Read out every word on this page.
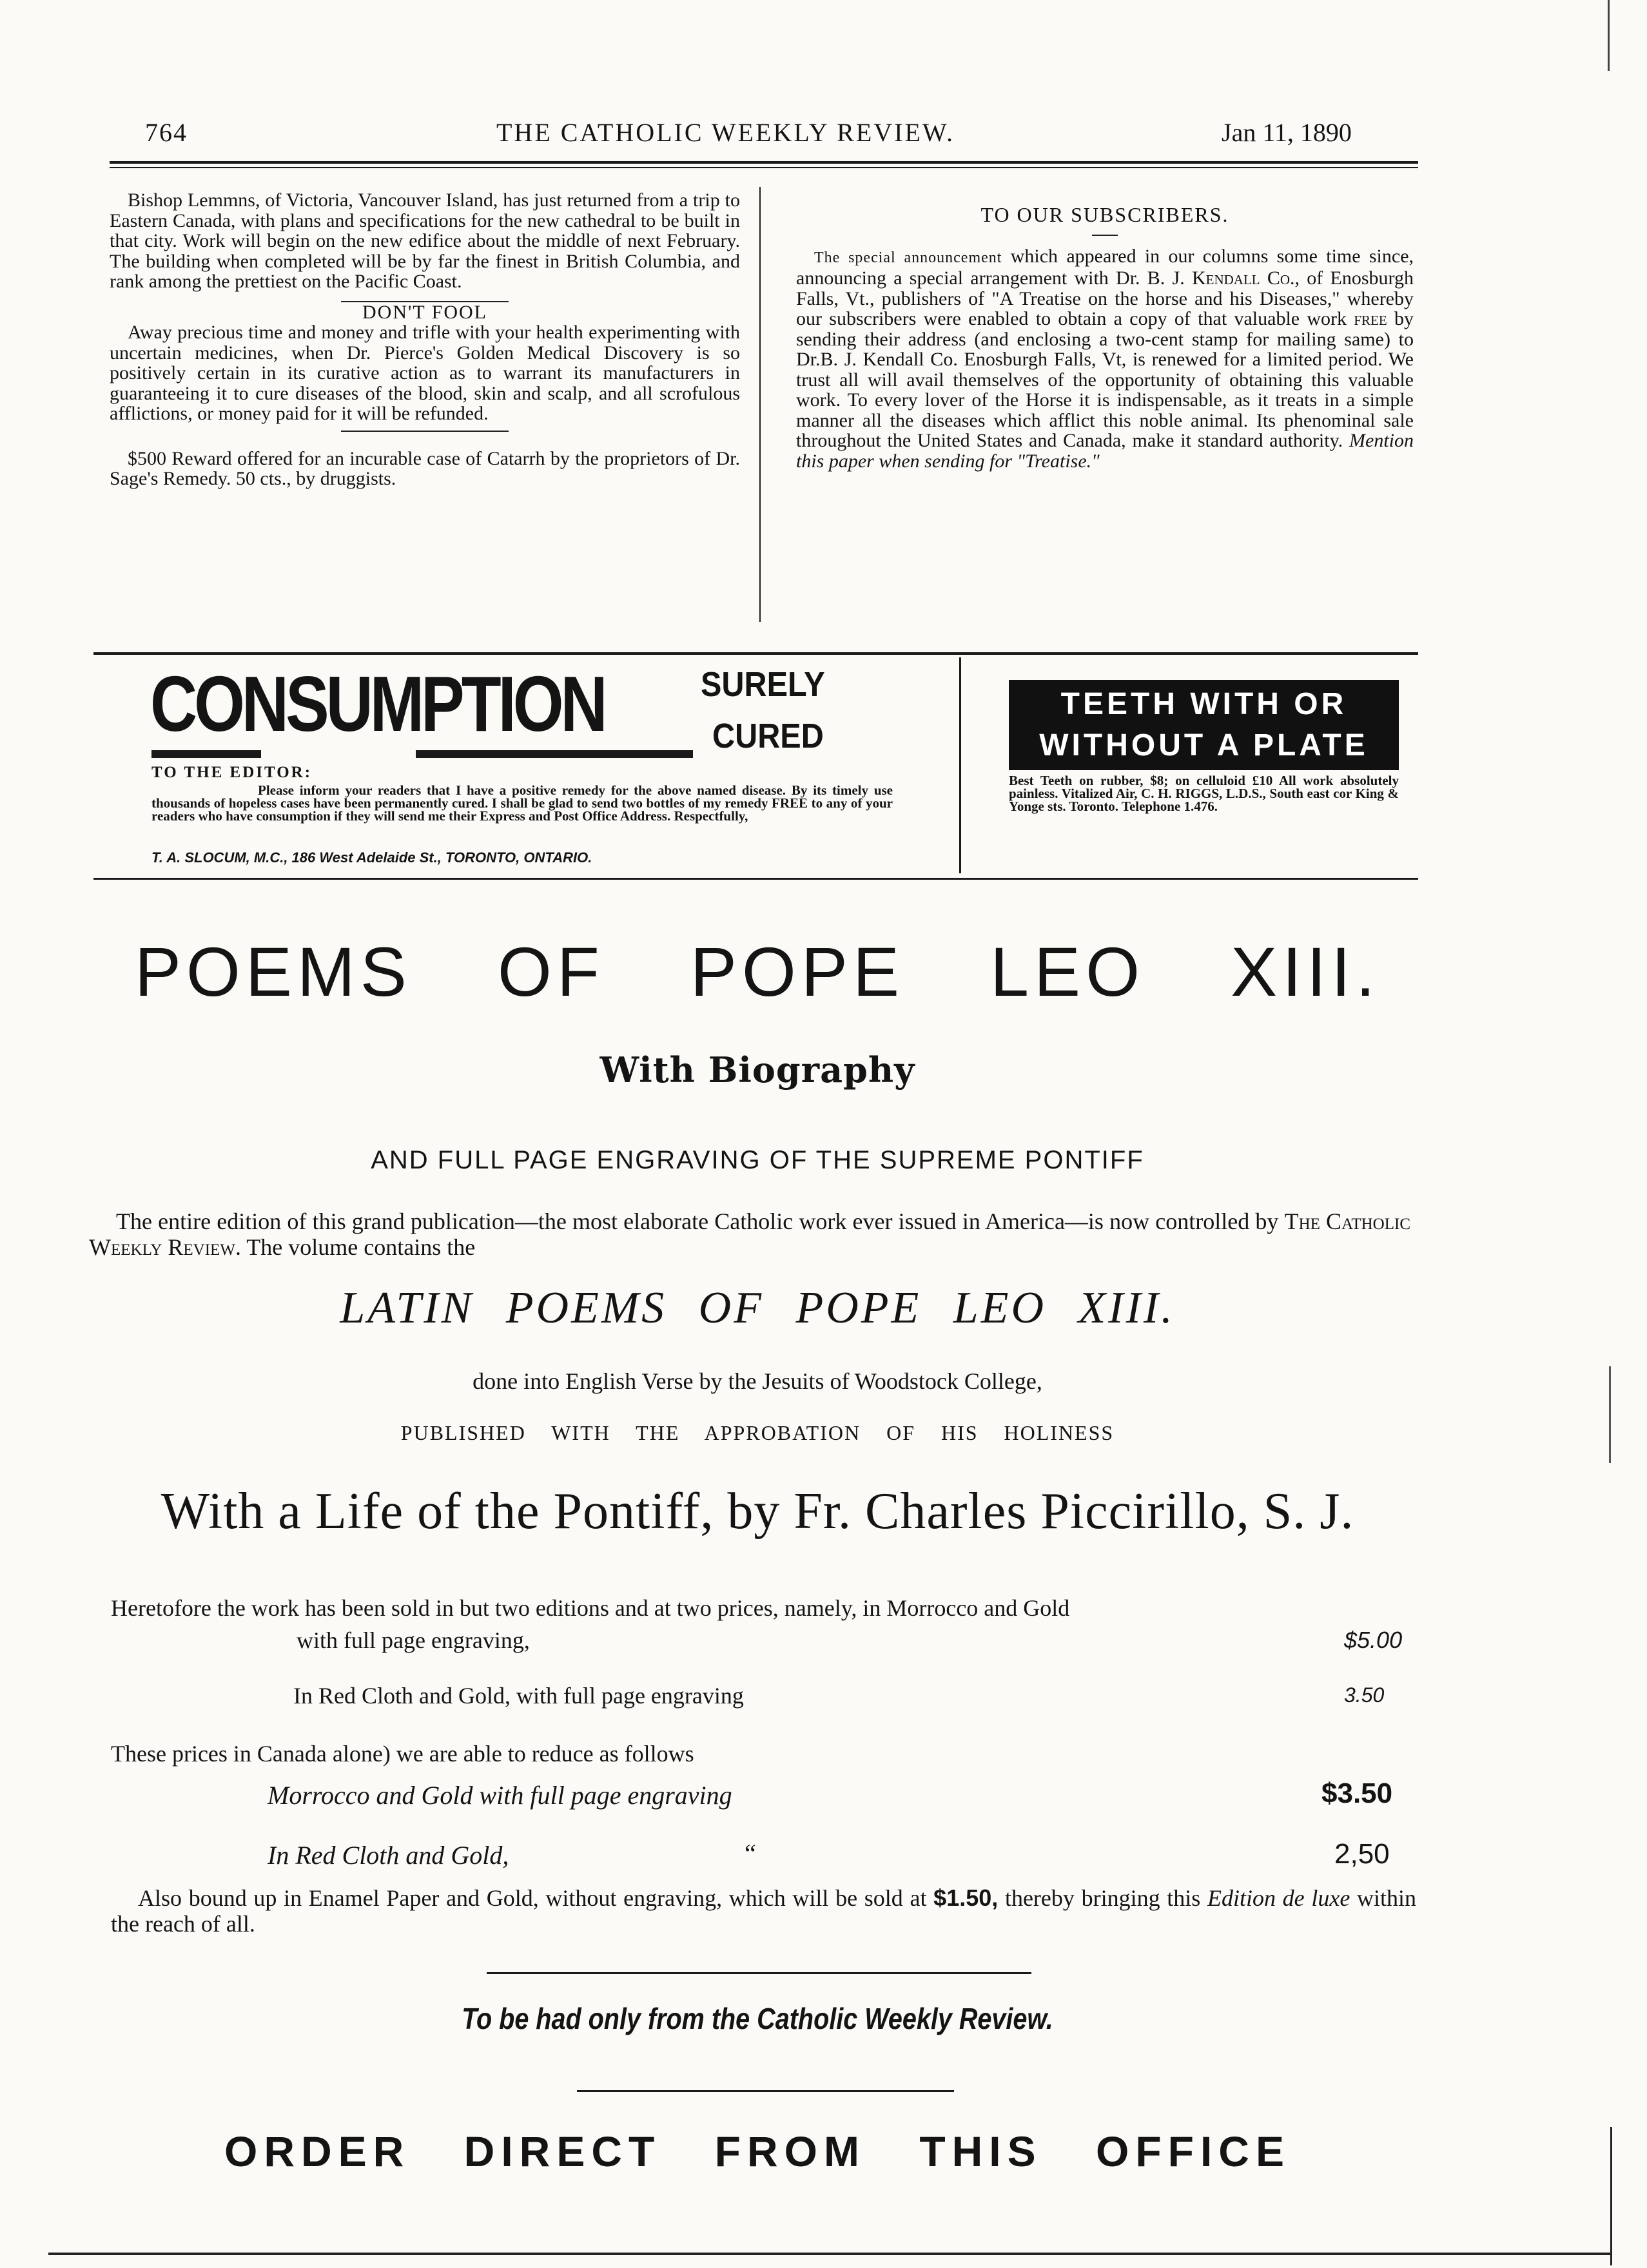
764	THE CATHOLIC WEEKLY REVIEW.	Jan 11, 1890

Bishop Lemmns, of Victoria, Vancouver Island, has just returned from a trip to Eastern Canada, with plans and specifications for the new cathedral to be built in that city. Work will begin on the new edifice about the middle of next February. The building when completed will be by far the finest in British Columbia, and rank among the prettiest on the Pacific Coast.

DON'T FOOL

Away precious time and money and trifle with your health experimenting with uncertain medicines, when Dr. Pierce's Golden Medical Discovery is so positively certain in its curative action as to warrant its manufacturers in guaranteeing it to cure diseases of the blood, skin and scalp, and all scrofulous afflictions, or money paid for it will be refunded.

$500 Reward offered for an incurable case of Catarrh by the proprietors of Dr. Sage's Remedy. 50 cts., by druggists.

TO OUR SUBSCRIBERS.

The special announcement which appeared in our columns some time since, announcing a special arrangement with Dr. B. J. Kendall Co., of Enosburgh Falls, Vt., publishers of "A Treatise on the horse and his Diseases," whereby our subscribers were enabled to obtain a copy of that valuable work free by sending their address (and enclosing a two-cent stamp for mailing same) to Dr.B. J. Kendall Co. Enosburgh Falls, Vt, is renewed for a limited period. We trust all will avail themselves of the opportunity of obtaining this valuable work. To every lover of the Horse it is indispensable, as it treats in a simple manner all the diseases which afflict this noble animal. Its phenominal sale throughout the United States and Canada, make it standard authority. Mention this paper when sending for "Treatise."

CONSUMPTION	SURELY
CURED
TO THE EDITOR:
Please inform your readers that I have a positive remedy for the above named disease. By its timely use thousands of hopeless cases have been permanently cured. I shall be glad to send two bottles of my remedy FREE to any of your readers who have consumption if they will send me their Express and Post Office Address. Respectfully,
T. A. SLOCUM, M.C., 186 West Adelaide St., TORONTO, ONTARIO.
TEETH WITH OR
WITHOUT A PLATE
Best Teeth on rubber, $8; on celluloid £10 All work absolutely painless. Vitalized Air, C. H. RIGGS, L.D.S., South east cor King & Yonge sts. Toronto. Telephone 1.476.
POEMS OF POPE LEO XIII.
With Biography
AND FULL PAGE ENGRAVING OF THE SUPREME PONTIFF
The entire edition of this grand publication—the most elaborate Catholic work ever issued in America—is now controlled by The Catholic Weekly Review. The volume contains the
LATIN POEMS OF POPE LEO XIII.
done into English Verse by the Jesuits of Woodstock College,
PUBLISHED WITH THE APPROBATION OF HIS HOLINESS
With a Life of the Pontiff, by Fr. Charles Piccirillo, S. J.
Heretofore the work has been sold in but two editions and at two prices, namely, in Morrocco and Gold
with full page engraving,	$5.00
In Red Cloth and Gold, with full page engraving	3.50
These prices in Canada alone) we are able to reduce as follows
Morrocco and Gold with full page engraving	$3.50
In Red Cloth and Gold,	“	2,50
Also bound up in Enamel Paper and Gold, without engraving, which will be sold at $1.50, thereby bringing this Edition de luxe within the reach of all.
To be had only from the Catholic Weekly Review.
ORDER DIRECT FROM THIS OFFICE
